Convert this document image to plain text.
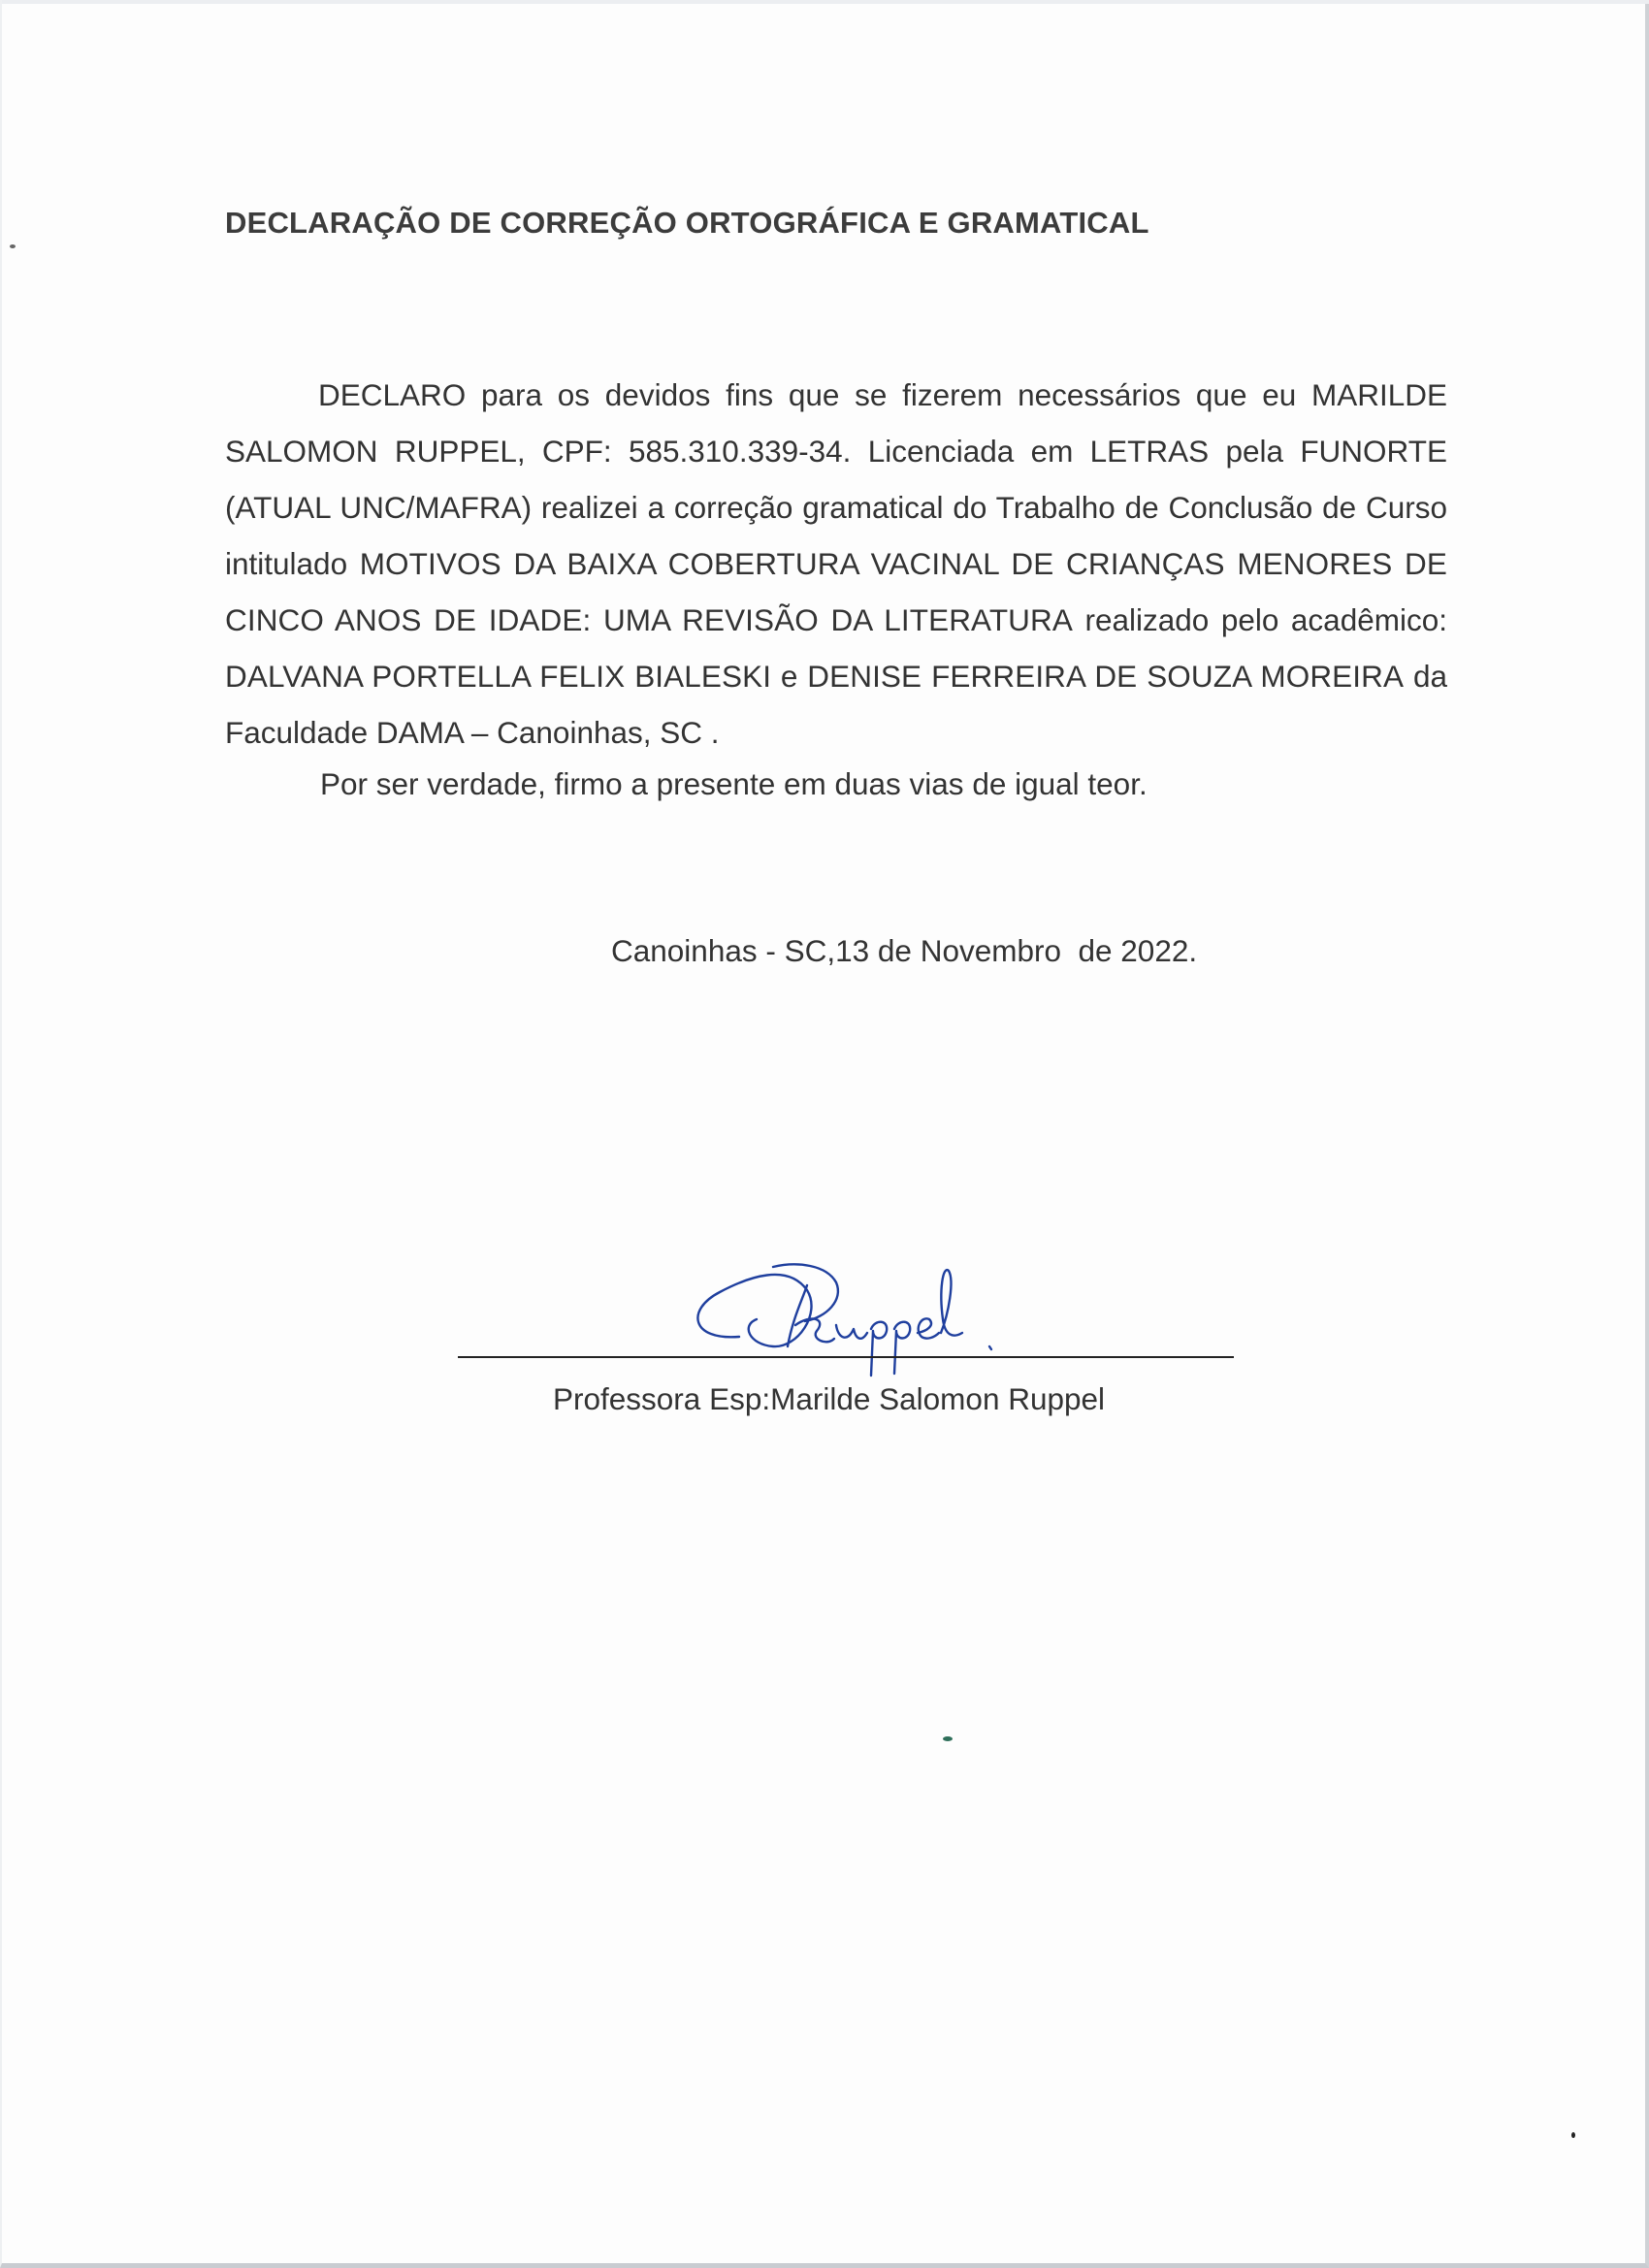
DECLARAÇÃO DE CORREÇÃO ORTOGRÁFICA E GRAMATICAL

DECLARO para os devidos fins que se fizerem necessários que eu MARILDE SALOMON RUPPEL, CPF: 585.310.339-34. Licenciada em LETRAS pela FUNORTE (ATUAL UNC/MAFRA) realizei a correção gramatical do Trabalho de Conclusão de Curso intitulado MOTIVOS DA BAIXA COBERTURA VACINAL DE CRIANÇAS MENORES DE CINCO ANOS DE IDADE: UMA REVISÃO DA LITERATURA realizado pelo acadêmico: DALVANA PORTELLA FELIX BIALESKI e DENISE FERREIRA DE SOUZA MOREIRA da Faculdade DAMA – Canoinhas, SC .

Por ser verdade, firmo a presente em duas vias de igual teor.

Canoinhas - SC,13 de Novembro  de 2022.

Professora Esp:Marilde Salomon Ruppel
